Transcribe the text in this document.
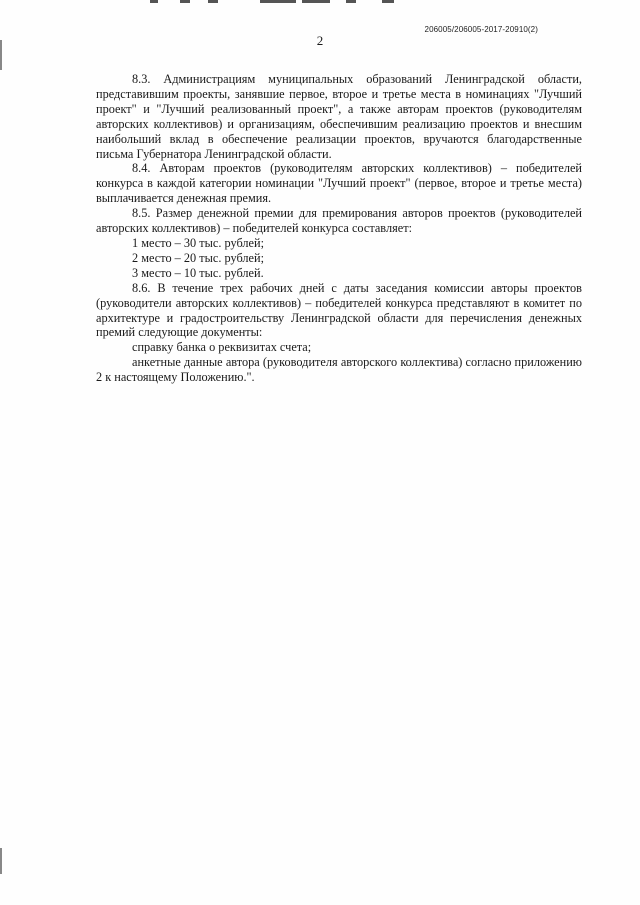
206005/206005-2017-20910(2)
2

8.3. Администрациям муниципальных образований Ленинградской области, представившим проекты, занявшие первое, второе и третье места в номинациях "Лучший проект" и "Лучший реализованный проект", а также авторам проектов (руководителям авторских коллективов) и организациям, обеспечившим реализацию проектов и внесшим наибольший вклад в обеспечение реализации проектов, вручаются благодарственные письма Губернатора Ленинградской области.

8.4. Авторам проектов (руководителям авторских коллективов) – победителей конкурса в каждой категории номинации "Лучший проект" (первое, второе и третье места) выплачивается денежная премия.

8.5. Размер денежной премии для премирования авторов проектов (руководителей авторских коллективов) – победителей конкурса составляет:

1 место – 30 тыс. рублей;

2 место – 20 тыс. рублей;

3 место – 10 тыс. рублей.

8.6. В течение трех рабочих дней с даты заседания комиссии авторы проектов (руководители авторских коллективов) – победителей конкурса представляют в комитет по архитектуре и градостроительству Ленинградской области для перечисления денежных премий следующие документы:

справку банка о реквизитах счета;

анкетные данные автора (руководителя авторского коллектива) согласно приложению 2 к настоящему Положению.".
